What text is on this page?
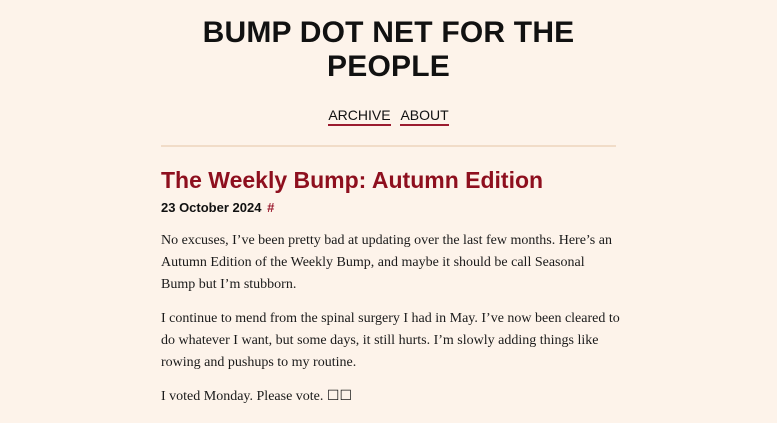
BUMP DOT NET FOR THE PEOPLE
ARCHIVE ABOUT
The Weekly Bump: Autumn Edition
23 October 2024 #

No excuses, I’ve been pretty bad at updating over the last few months. Here’s an Autumn Edition of the Weekly Bump, and maybe it should be call Seasonal Bump but I’m stubborn.

I continue to mend from the spinal surgery I had in May. I’ve now been cleared to do whatever I want, but some days, it still hurts. I’m slowly adding things like rowing and pushups to my routine.

I voted Monday. Please vote. ☐☐
